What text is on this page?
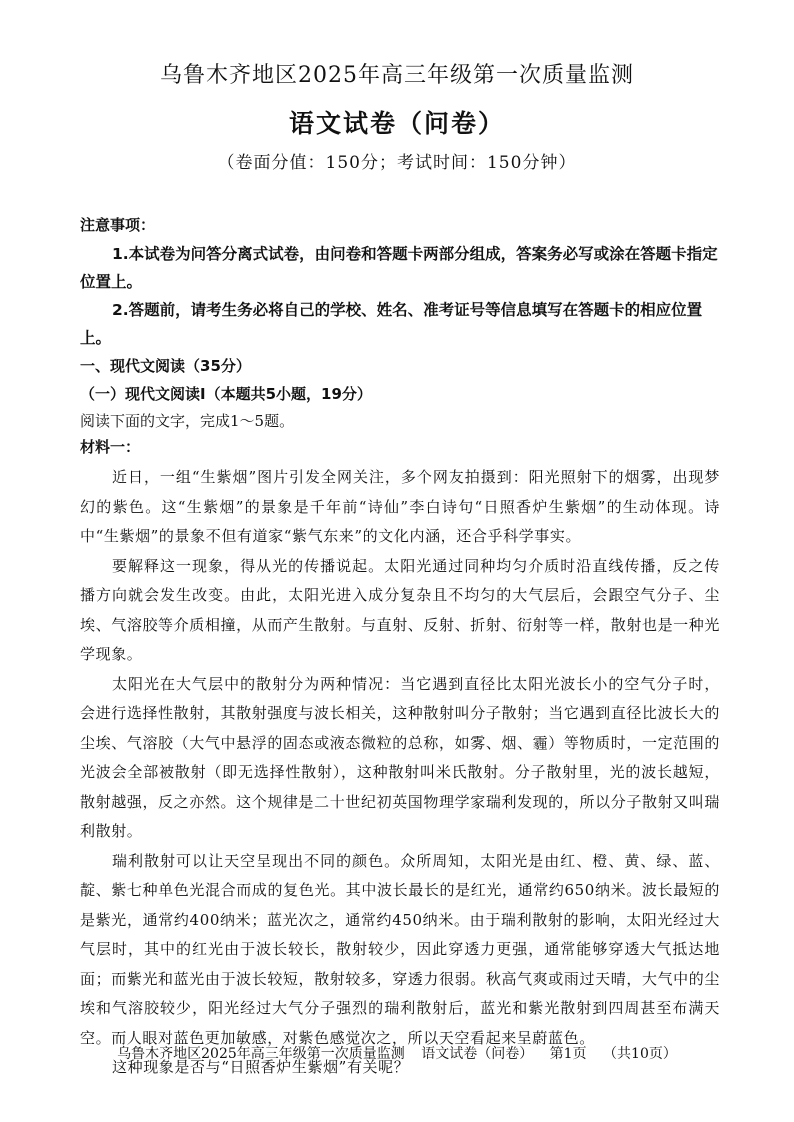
乌鲁木齐地区2025年高三年级第一次质量监测
语文试卷（问卷）
（卷面分值：150分；考试时间：150分钟）
注意事项：
1.本试卷为问答分离式试卷，由问卷和答题卡两部分组成，答案务必写或涂在答题卡指定位置上。
2.答题前，请考生务必将自己的学校、姓名、准考证号等信息填写在答题卡的相应位置上。
一、现代文阅读（35分）
（一）现代文阅读Ⅰ（本题共5小题，19分）
阅读下面的文字，完成1～5题。
材料一：

近日，一组“生紫烟”图片引发全网关注，多个网友拍摄到：阳光照射下的烟雾，出现梦幻的紫色。这“生紫烟”的景象是千年前“诗仙”李白诗句“日照香炉生紫烟”的生动体现。诗中“生紫烟”的景象不但有道家“紫气东来”的文化内涵，还合乎科学事实。

要解释这一现象，得从光的传播说起。太阳光通过同种均匀介质时沿直线传播，反之传播方向就会发生改变。由此，太阳光进入成分复杂且不均匀的大气层后，会跟空气分子、尘埃、气溶胶等介质相撞，从而产生散射。与直射、反射、折射、衍射等一样，散射也是一种光学现象。

太阳光在大气层中的散射分为两种情况：当它遇到直径比太阳光波长小的空气分子时，会进行选择性散射，其散射强度与波长相关，这种散射叫分子散射；当它遇到直径比波长大的尘埃、气溶胶（大气中悬浮的固态或液态微粒的总称，如雾、烟、霾）等物质时，一定范围的光波会全部被散射（即无选择性散射），这种散射叫米氏散射。分子散射里，光的波长越短，散射越强，反之亦然。这个规律是二十世纪初英国物理学家瑞利发现的，所以分子散射又叫瑞利散射。

瑞利散射可以让天空呈现出不同的颜色。众所周知，太阳光是由红、橙、黄、绿、蓝、靛、紫七种单色光混合而成的复色光。其中波长最长的是红光，通常约650纳米。波长最短的是紫光，通常约400纳米；蓝光次之，通常约450纳米。由于瑞利散射的影响，太阳光经过大气层时，其中的红光由于波长较长，散射较少，因此穿透力更强，通常能够穿透大气抵达地面；而紫光和蓝光由于波长较短，散射较多，穿透力很弱。秋高气爽或雨过天晴，大气中的尘埃和气溶胶较少，阳光经过大气分子强烈的瑞利散射后，蓝光和紫光散射到四周甚至布满天空。而人眼对蓝色更加敏感，对紫色感觉次之，所以天空看起来呈蔚蓝色。

这种现象是否与“日照香炉生紫烟”有关呢？

乌鲁木齐地区2025年高三年级第一次质量监测 语文试卷（问卷） 第1页 （共10页）
